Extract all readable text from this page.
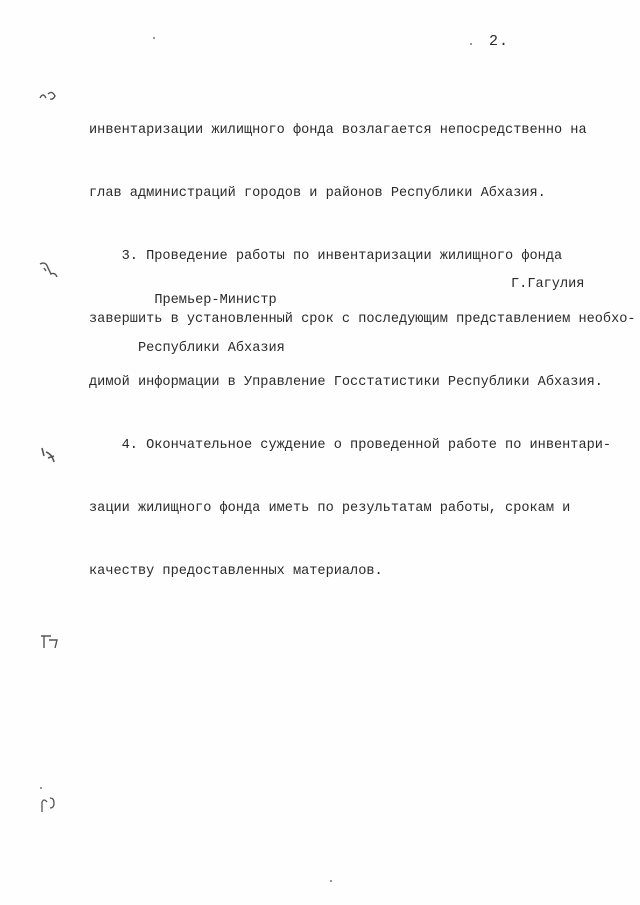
2.

инвентаризации жилищного фонда возлагается непосредственно на

глав администраций городов и районов Республики Абхазия.

3. Проведение работы по инвентаризации жилищного фонда

завершить в установленный срок с последующим представлением необхо-

димой информации в Управление Госстатистики Республики Абхазия.

4. Окончательное суждение о проведенной работе по инвентари-

зации жилищного фонда иметь по результатам работы, срокам и

качеству предоставленных материалов.

Премьер-Министр

Республики Абхазия

Г.Гагулия
